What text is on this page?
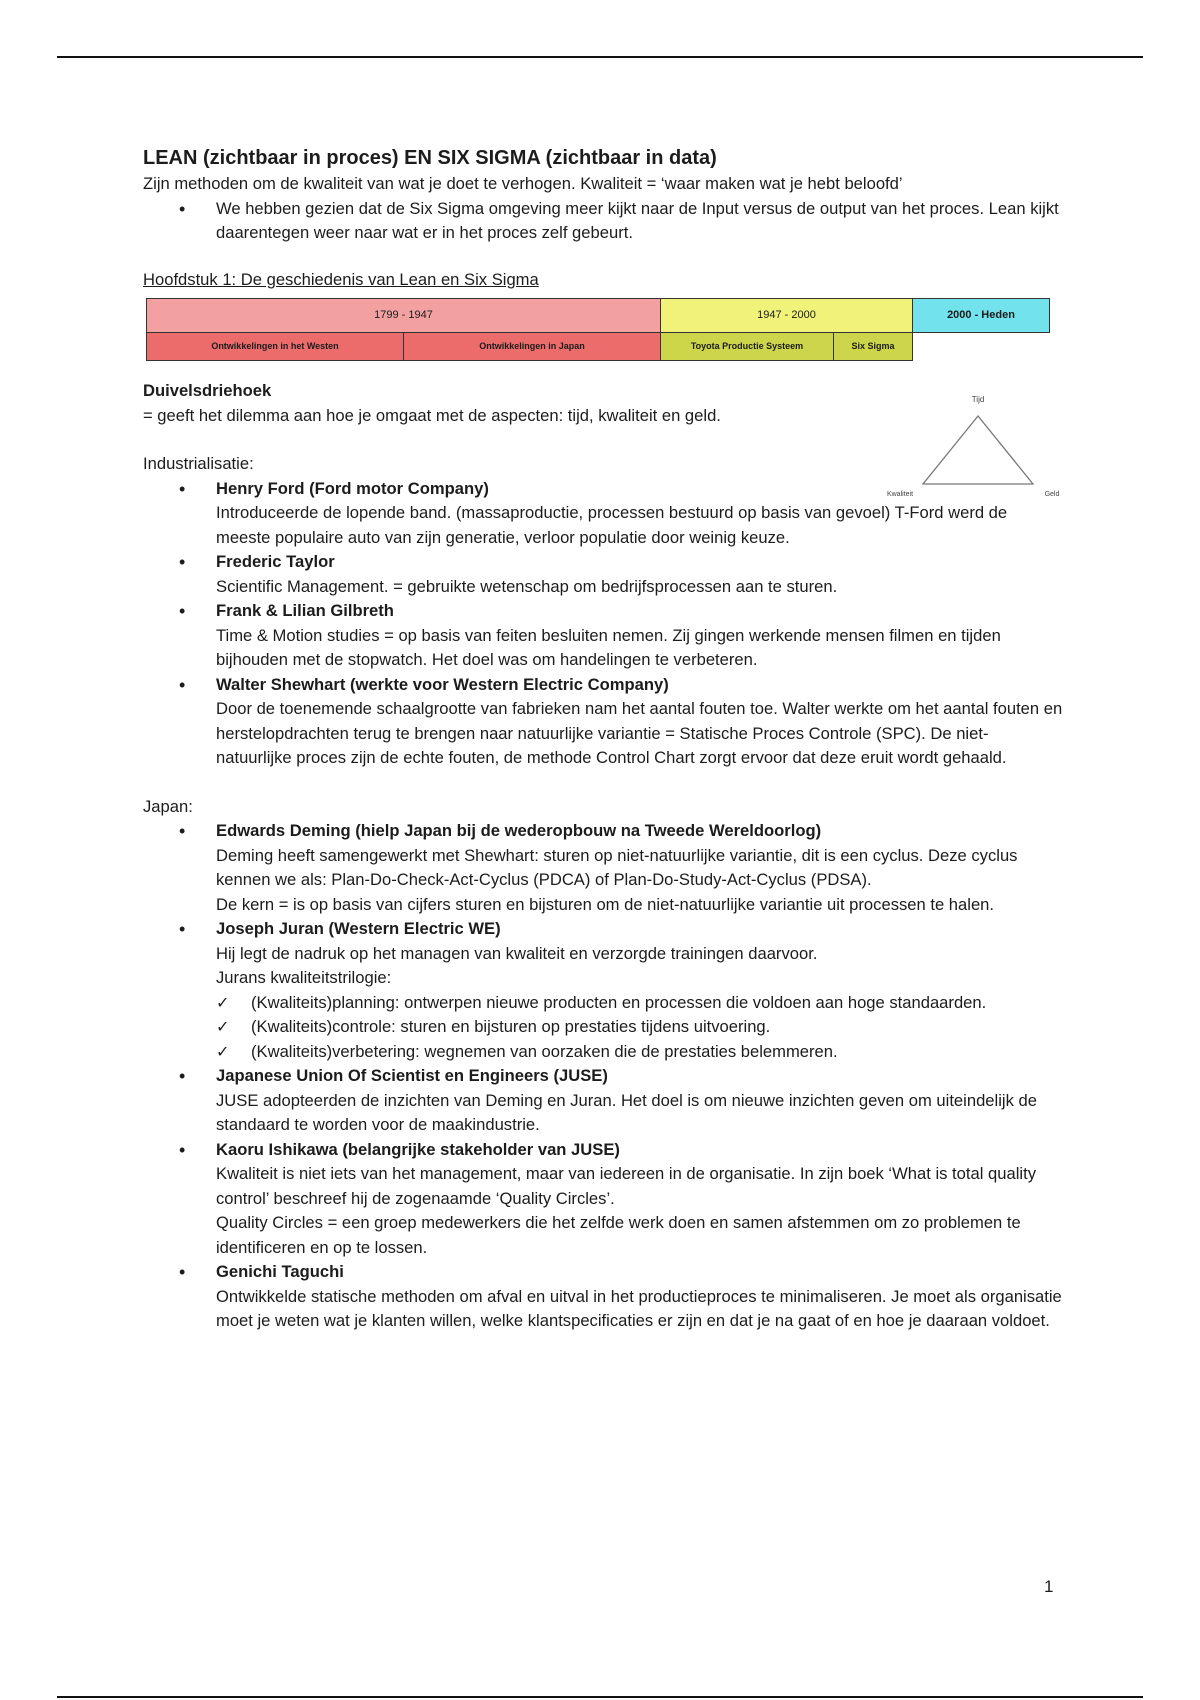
LEAN (zichtbaar in proces) EN SIX SIGMA (zichtbaar in data)

Zijn methoden om de kwaliteit van wat je doet te verhogen. Kwaliteit = ‘waar maken wat je hebt beloofd’

• We hebben gezien dat de Six Sigma omgeving meer kijkt naar de Input versus de output van het proces. Lean kijkt daarentegen weer naar wat er in het proces zelf gebeurt.

Hoofdstuk 1: De geschiedenis van Lean en Six Sigma

1799 - 1947		1947 - 2000		2000 - Heden
Ontwikkelingen in het Westen	Ontwikkelingen in Japan	Toyota Productie Systeem	Six Sigma	

Duivelsdriehoek

= geeft het dilemma aan hoe je omgaat met de aspecten: tijd, kwaliteit en geld.

Industrialisatie:

• Henry Ford (Ford motor Company)
Introduceerde de lopende band. (massaproductie, processen bestuurd op basis van gevoel) T-Ford werd de meeste populaire auto van zijn generatie, verloor populatie door weinig keuze.
• Frederic Taylor
Scientific Management. = gebruikte wetenschap om bedrijfsprocessen aan te sturen.
• Frank & Lilian Gilbreth
Time & Motion studies = op basis van feiten besluiten nemen. Zij gingen werkende mensen filmen en tijden bijhouden met de stopwatch. Het doel was om handelingen te verbeteren.
• Walter Shewhart (werkte voor Western Electric Company)
Door de toenemende schaalgrootte van fabrieken nam het aantal fouten toe. Walter werkte om het aantal fouten en herstelopdrachten terug te brengen naar natuurlijke variantie = Statische Proces Controle (SPC). De niet-natuurlijke proces zijn de echte fouten, de methode Control Chart zorgt ervoor dat deze eruit wordt gehaald.

Japan:

• Edwards Deming (hielp Japan bij de wederopbouw na Tweede Wereldoorlog)
Deming heeft samengewerkt met Shewhart: sturen op niet-natuurlijke variantie, dit is een cyclus. Deze cyclus kennen we als: Plan-Do-Check-Act-Cyclus (PDCA) of Plan-Do-Study-Act-Cyclus (PDSA).
De kern = is op basis van cijfers sturen en bijsturen om de niet-natuurlijke variantie uit processen te halen.
• Joseph Juran (Western Electric WE)
Hij legt de nadruk op het managen van kwaliteit en verzorgde trainingen daarvoor.
Jurans kwaliteitstrilogie:
✓ (Kwaliteits)planning: ontwerpen nieuwe producten en processen die voldoen aan hoge standaarden.
✓ (Kwaliteits)controle: sturen en bijsturen op prestaties tijdens uitvoering.
✓ (Kwaliteits)verbetering: wegnemen van oorzaken die de prestaties belemmeren.
• Japanese Union Of Scientist en Engineers (JUSE)
JUSE adopteerden de inzichten van Deming en Juran. Het doel is om nieuwe inzichten geven om uiteindelijk de standaard te worden voor de maakindustrie.
• Kaoru Ishikawa (belangrijke stakeholder van JUSE)
Kwaliteit is niet iets van het management, maar van iedereen in de organisatie. In zijn boek ‘What is total quality control’ beschreef hij de zogenaamde ‘Quality Circles’.
Quality Circles = een groep medewerkers die het zelfde werk doen en samen afstemmen om zo problemen te identificeren en op te lossen.
• Genichi Taguchi
Ontwikkelde statische methoden om afval en uitval in het productieproces te minimaliseren. Je moet als organisatie moet je weten wat je klanten willen, welke klantspecificaties er zijn en dat je na gaat of en hoe je daaraan voldoet.
Tijd
Kwaliteit	Geld
1
